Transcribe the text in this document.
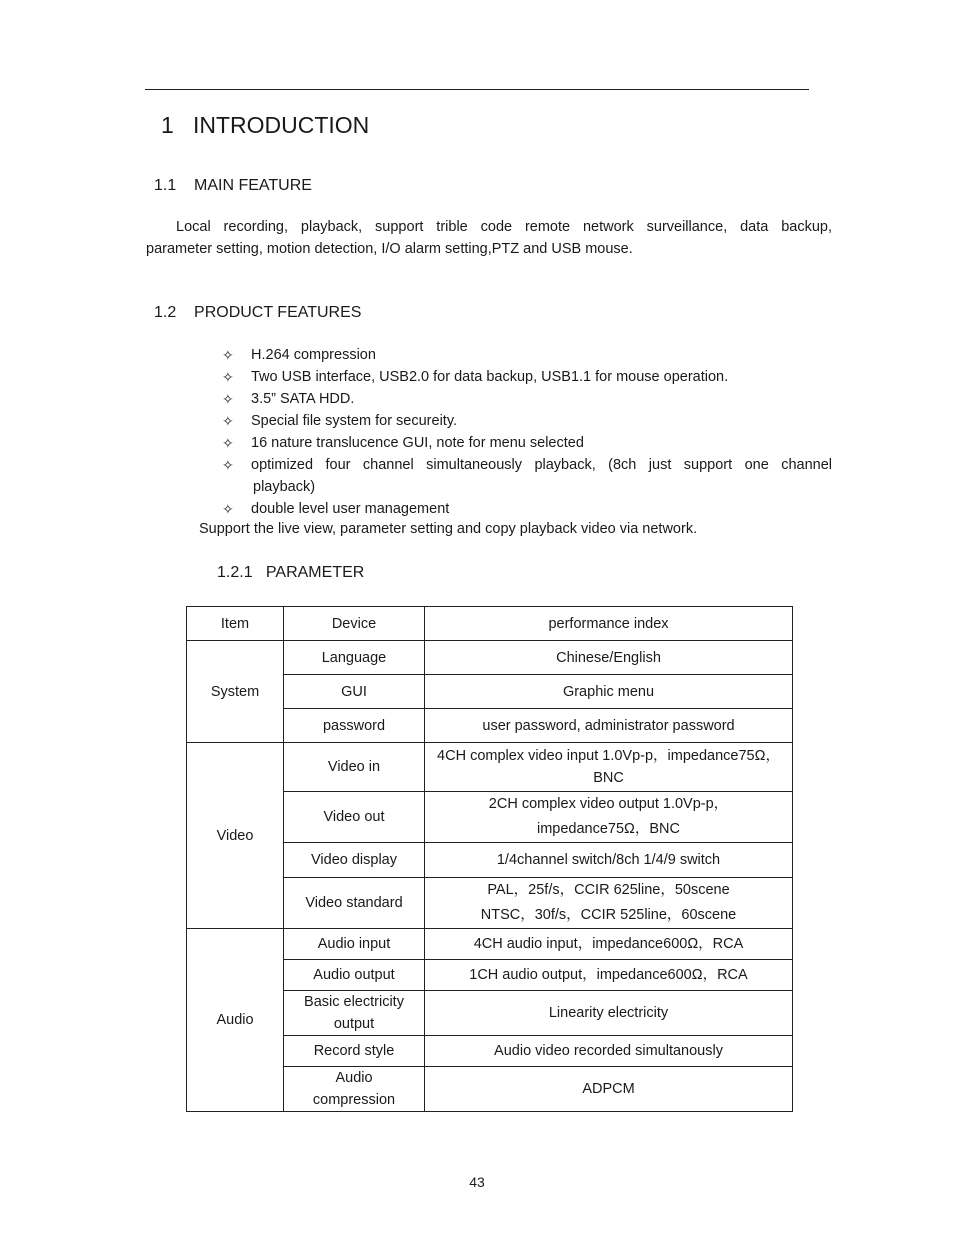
1   INTRODUCTION
1.1    MAIN FEATURE
Local recording, playback, support trible code remote network surveillance, data backup,
parameter setting, motion detection, I/O alarm setting,PTZ and USB mouse.
1.2    PRODUCT FEATURES
✧ H.264 compression
✧ Two USB interface, USB2.0 for data backup, USB1.1 for mouse operation.
✧ 3.5” SATA HDD.
✧ Special file system for secureity.
✧ 16 nature translucence GUI, note for menu selected
✧ optimized four channel simultaneously playback, (8ch just support one channel
playback)
✧ double level user management
Support the live view, parameter setting and copy playback video via network.
1.2.1   PARAMETER
Item	Device	performance index
System	Language	Chinese/English
	GUI	Graphic menu
	password	user password, administrator password
Video	Video in	4CH complex video input 1.0Vp-p，impedance75Ω，
BNC

	Video out	2CH complex video output 1.0Vp-p，
impedance75Ω，BNC

	Video display	1/4channel switch/8ch 1/4/9 switch
	Video standard	PAL，25f/s，CCIR 625line，50scene
NTSC，30f/s，CCIR 525line，60scene

Audio	Audio input	4CH audio input，impedance600Ω，RCA
	Audio output	1CH audio output，impedance600Ω，RCA

	Basic electricity
output	Linearity electricity
	Record style	Audio video recorded simultanously

	Audio
compression	ADPCM
43
